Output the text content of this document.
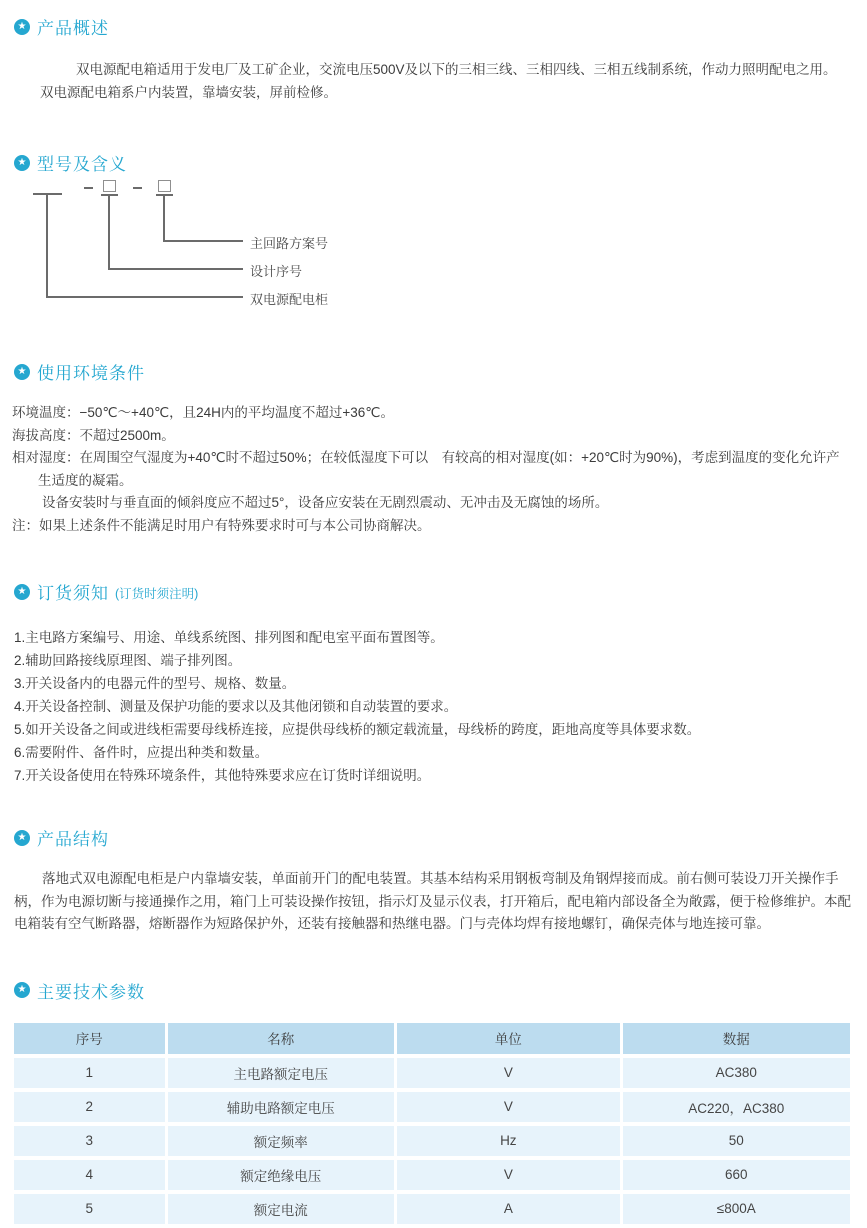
★ 产品概述
双电源配电箱适用于发电厂及工矿企业，交流电压500V及以下的三相三线、三相四线、三相五线制系统，作动力照明配电之用。
双电源配电箱系户内装置，靠墙安装，屏前检修。
★ 型号及含义
主回路方案号
设计序号
双电源配电柜
★ 使用环境条件
环境温度：−50℃～+40℃，且24H内的平均温度不超过+36℃。
海拔高度：不超过2500m。
相对湿度：在周围空气湿度为+40℃时不超过50%；在较低湿度下可以　有较高的相对湿度(如：+20℃时为90%)，考虑到温度的变化允许产
生适度的凝霜。
设备安装时与垂直面的倾斜度应不超过5°，设备应安装在无剧烈震动、无冲击及无腐蚀的场所。
注：如果上述条件不能满足时用户有特殊要求时可与本公司协商解决。
★ 订货须知 (订货时须注明)
1.主电路方案编号、用途、单线系统图、排列图和配电室平面布置图等。
2.辅助回路接线原理图、端子排列图。
3.开关设备内的电器元件的型号、规格、数量。
4.开关设备控制、测量及保护功能的要求以及其他闭锁和自动装置的要求。
5.如开关设备之间或进线柜需要母线桥连接，应提供母线桥的额定载流量，母线桥的跨度，距地高度等具体要求数。
6.需要附件、备件时，应提出种类和数量。
7.开关设备使用在特殊环境条件，其他特殊要求应在订货时详细说明。
★ 产品结构
落地式双电源配电柜是户内靠墙安装，单面前开门的配电装置。其基本结构采用钢板弯制及角钢焊接而成。前右侧可装设刀开关操作手
柄，作为电源切断与接通操作之用，箱门上可装设操作按钮，指示灯及显示仪表，打开箱后，配电箱内部设备全为敞露，便于检修维护。本配
电箱装有空气断路器，熔断器作为短路保护外，还装有接触器和热继电器。门与壳体均焊有接地螺钉，确保壳体与地连接可靠。
★ 主要技术参数
序号	名称	单位	数据
1	主电路额定电压	V	AC380
2	辅助电路额定电压	V	AC220，AC380
3	额定频率	Hz	50
4	额定绝缘电压	V	660
5	额定电流	A	≤800A
